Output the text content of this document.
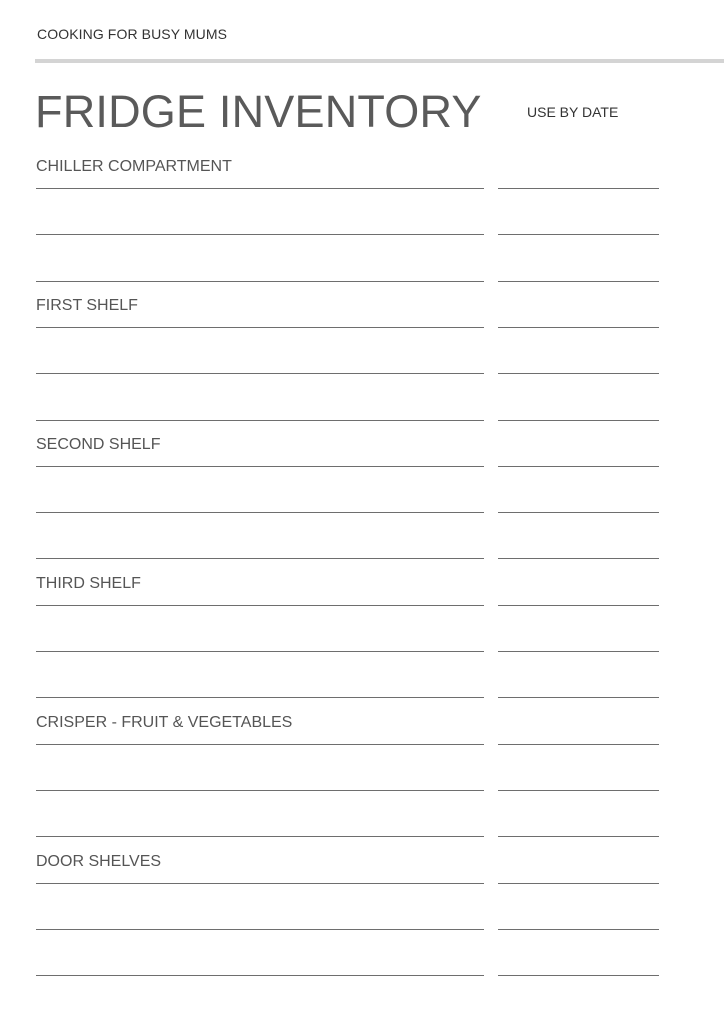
COOKING FOR BUSY MUMS
FRIDGE INVENTORY	USE BY DATE
CHILLER COMPARTMENT
FIRST SHELF
SECOND SHELF
THIRD SHELF
CRISPER - FRUIT & VEGETABLES
DOOR SHELVES
